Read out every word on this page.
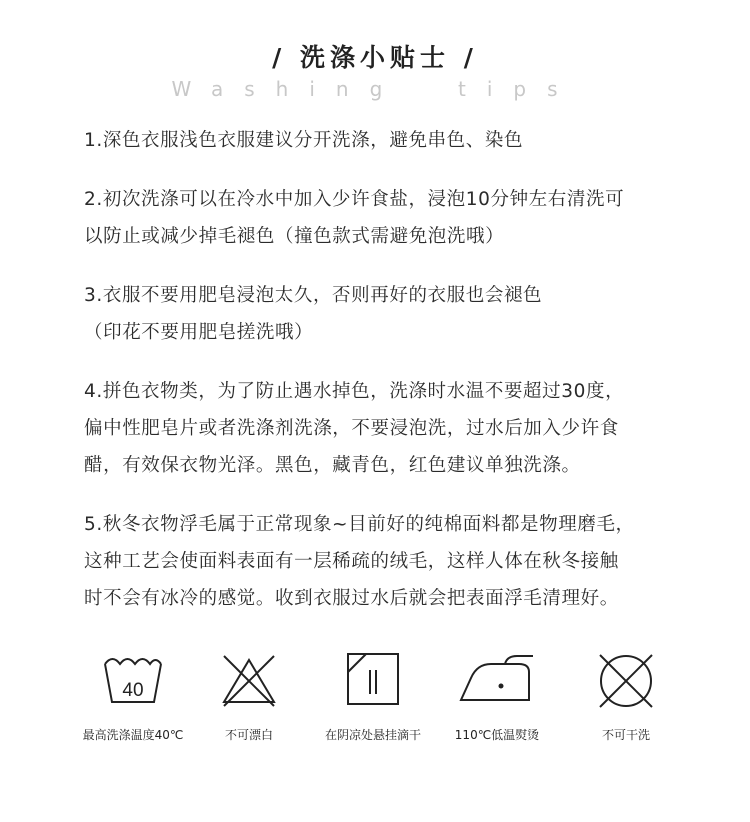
/ 洗涤小贴士 /
Washing  tips
1.深色衣服浅色衣服建议分开洗涤，避免串色、染色
2.初次洗涤可以在冷水中加入少许食盐，浸泡10分钟左右清洗可
以防止或减少掉毛褪色（撞色款式需避免泡洗哦）
3.衣服不要用肥皂浸泡太久，否则再好的衣服也会褪色
（印花不要用肥皂搓洗哦）
4.拼色衣物类，为了防止遇水掉色，洗涤时水温不要超过30度，
偏中性肥皂片或者洗涤剂洗涤，不要浸泡洗，过水后加入少许食
醋，有效保衣物光泽。黑色，藏青色，红色建议单独洗涤。
5.秋冬衣物浮毛属于正常现象~目前好的纯棉面料都是物理磨毛，
这种工艺会使面料表面有一层稀疏的绒毛，这样人体在秋冬接触
时不会有冰冷的感觉。收到衣服过水后就会把表面浮毛清理好。
40
最高洗涤温度40℃	不可漂白	在阴凉处悬挂滴干	110℃低温熨烫	不可干洗
